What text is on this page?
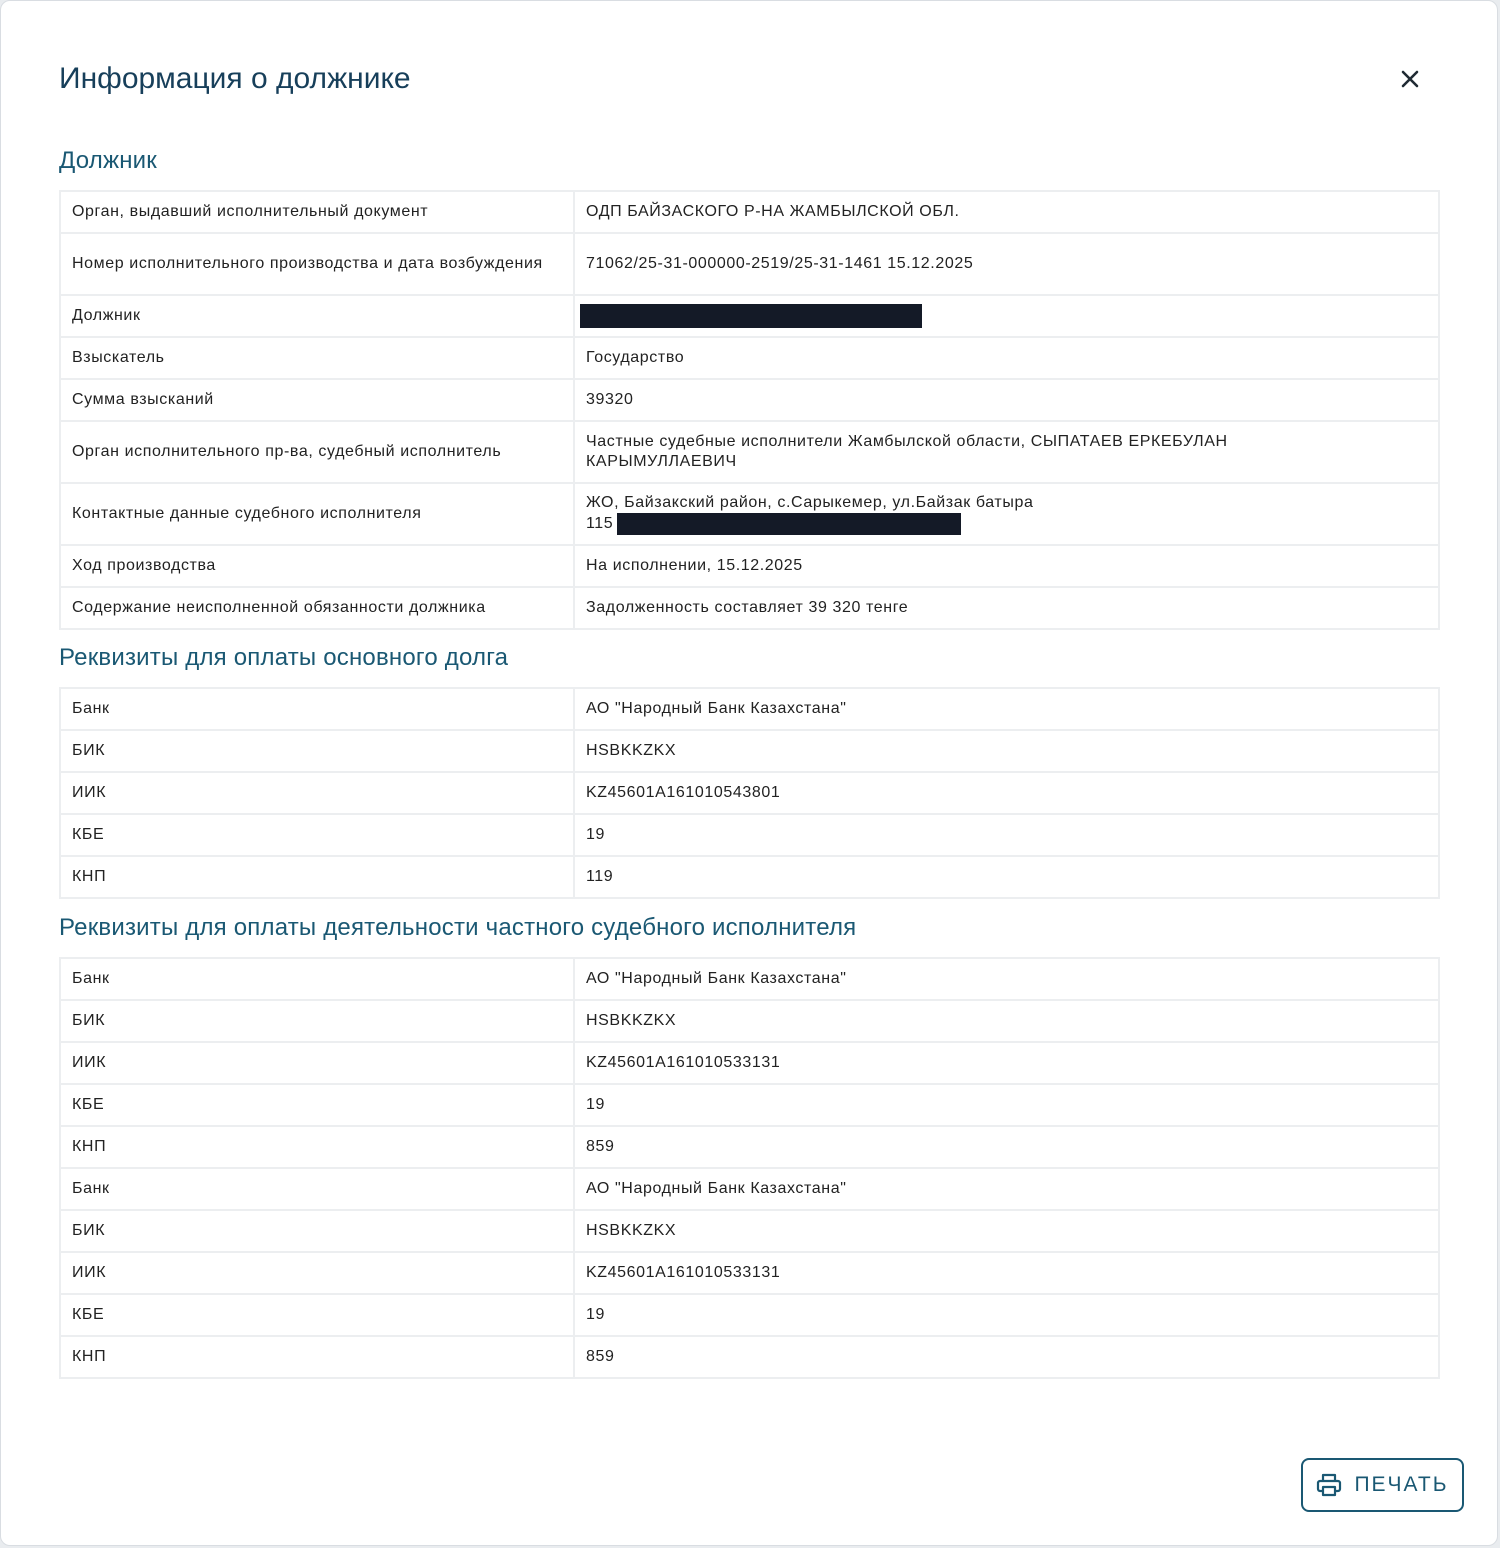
Информация о должнике
Должник
Орган, выдавший исполнительный документ	ОДП БАЙЗАСКОГО Р-НА ЖАМБЫЛСКОЙ ОБЛ.
Номер исполнительного производства и дата возбуждения	71062/25-31-000000-2519/25-31-1461 15.12.2025
Должник	
Взыскатель	Государство
Сумма взысканий	39320
Орган исполнительного пр-ва, судебный исполнитель	Частные судебные исполнители Жамбылской области, СЫПАТАЕВ ЕРКЕБУЛАН КАРЫМУЛЛАЕВИЧ
Контактные данные судебного исполнителя	ЖО, Байзакский район, с.Сарыкемер, ул.Байзак батыра
115

Ход производства	На исполнении, 15.12.2025
Содержание неисполненной обязанности должника	Задолженность составляет 39 320 тенге
Реквизиты для оплаты основного долга
Банк	АО "Народный Банк Казахстана"
БИК	HSBKKZKX
ИИК	KZ45601A161010543801
КБЕ	19
КНП	119
Реквизиты для оплаты деятельности частного судебного исполнителя
Банк	АО "Народный Банк Казахстана"
БИК	HSBKKZKX
ИИК	KZ45601A161010533131
КБЕ	19
КНП	859
Банк	АО "Народный Банк Казахстана"
БИК	HSBKKZKX
ИИК	KZ45601A161010533131
КБЕ	19
КНП	859
ПЕЧАТЬ
